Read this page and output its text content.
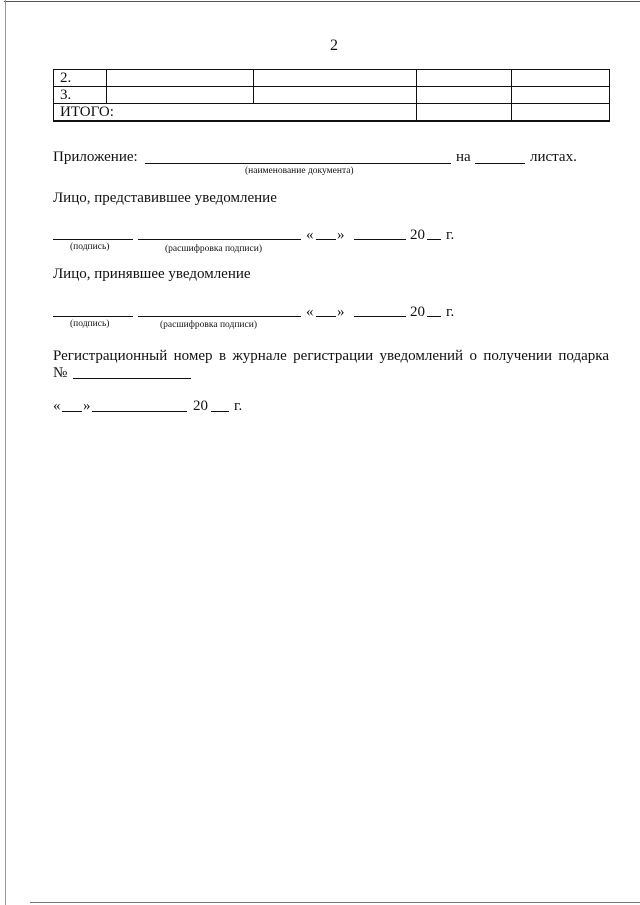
2
2.				
3.				
ИТОГО:				
Приложение:
(наименование документа)
на	листах.
Лицо, представившее уведомление
« »	20 г.
(подпись)	(расшифровка подписи)
Лицо, принявшее уведомление
« »	20 г.
(подпись)	(расшифровка подписи)
Регистрационный номер в журнале регистрации уведомлений о получении подарка
№
« »	20 г.
